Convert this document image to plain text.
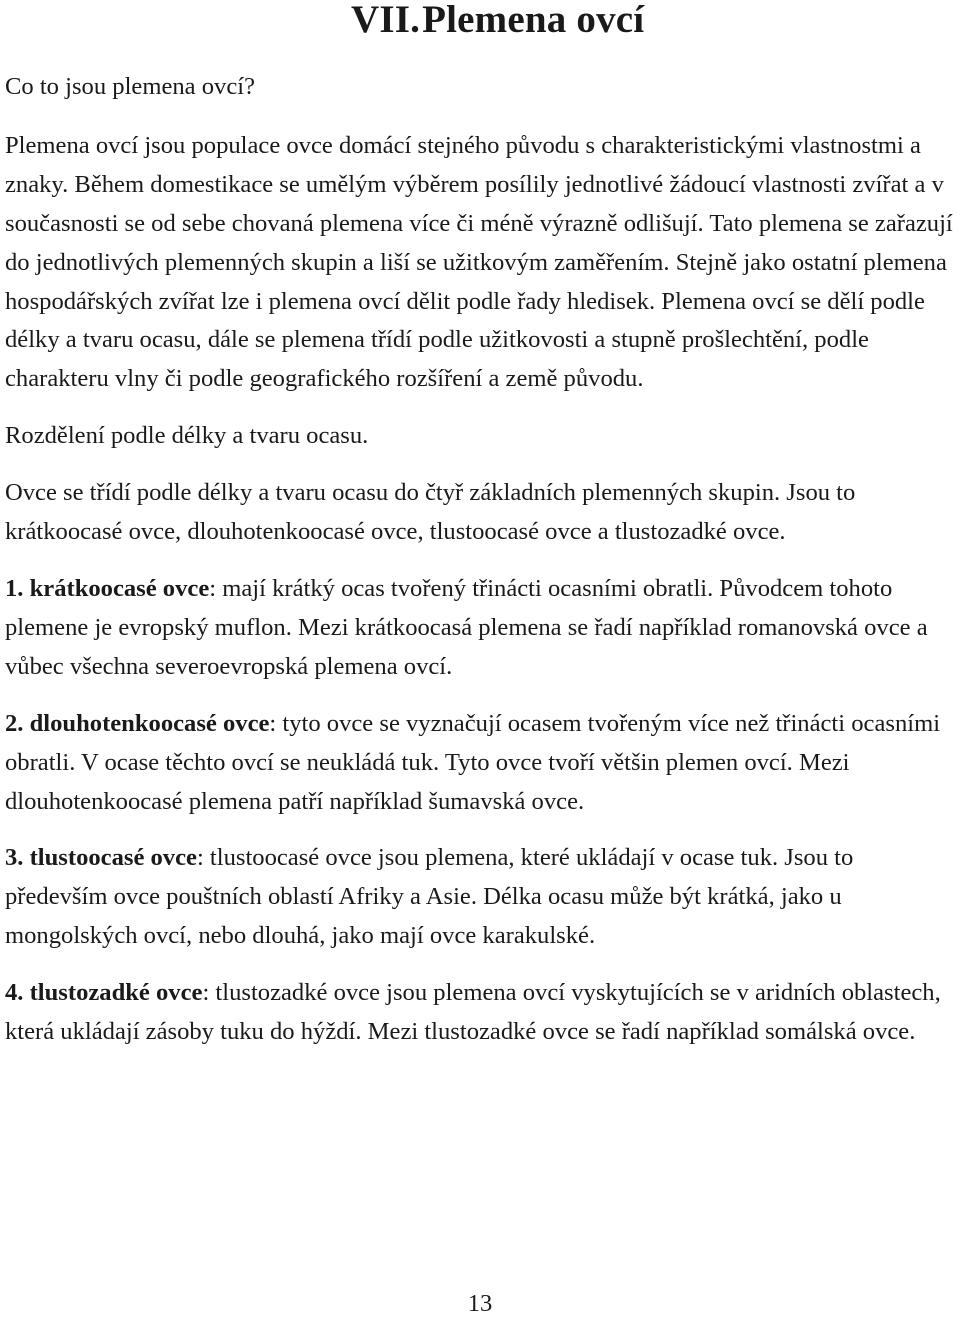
VII.Plemena ovcí

Co to jsou plemena ovcí?

Plemena ovcí jsou populace ovce domácí stejného původu s charakteristickými vlastnostmi a znaky. Během domestikace se umělým výběrem posílily jednotlivé žádoucí vlastnosti zvířat a v současnosti se od sebe chovaná plemena více či méně výrazně odlišují. Tato plemena se zařazují do jednotlivých plemenných skupin a liší se užitkovým zaměřením. Stejně jako ostatní plemena hospodářských zvířat lze i plemena ovcí dělit podle řady hledisek. Plemena ovcí se dělí podle délky a tvaru ocasu, dále se plemena třídí podle užitkovosti a stupně prošlechtění, podle charakteru vlny či podle geografického rozšíření a země původu.

Rozdělení podle délky a tvaru ocasu.

Ovce se třídí podle délky a tvaru ocasu do čtyř základních plemenných skupin. Jsou to krátkoocasé ovce, dlouhotenkoocasé ovce, tlustoocasé ovce a tlustozadké ovce.

1. krátkoocasé ovce: mají krátký ocas tvořený třinácti ocasními obratli. Původcem tohoto plemene je evropský muflon. Mezi krátkoocasá plemena se řadí například romanovská ovce a vůbec všechna severoevropská plemena ovcí.

2. dlouhotenkoocasé ovce: tyto ovce se vyznačují ocasem tvořeným více než třinácti ocasními obratli. V ocase těchto ovcí se neukládá tuk. Tyto ovce tvoří většin plemen ovcí. Mezi dlouhotenkoocasé plemena patří například šumavská ovce.

3. tlustoocasé ovce: tlustoocasé ovce jsou plemena, které ukládají v ocase tuk. Jsou to především ovce pouštních oblastí Afriky a Asie. Délka ocasu může být krátká, jako u mongolských ovcí, nebo dlouhá, jako mají ovce karakulské.

4. tlustozadké ovce: tlustozadké ovce jsou plemena ovcí vyskytujících se v aridních oblastech, která ukládají zásoby tuku do hýždí. Mezi tlustozadké ovce se řadí například somálská ovce.

13
